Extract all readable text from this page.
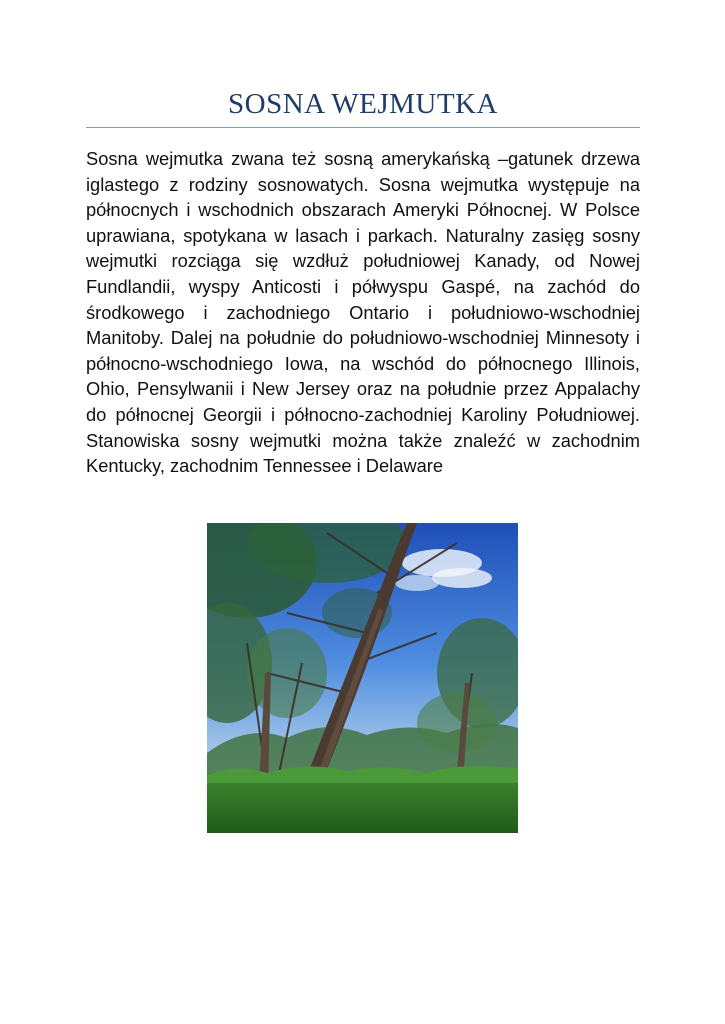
SOSNA WEJMUTKA

Sosna wejmutka zwana też sosną amerykańską –gatunek drzewa iglastego z rodziny sosnowatych. Sosna wejmutka występuje na północnych i wschodnich obszarach Ameryki Północnej. W Polsce uprawiana, spotykana w lasach i parkach. Naturalny zasięg sosny wejmutki rozciąga się wzdłuż południowej Kanady, od Nowej Fundlandii, wyspy Anticosti i półwyspu Gaspé, na zachód do środkowego i zachodniego Ontario i południowo-wschodniej Manitoby. Dalej na południe do południowo-wschodniej Minnesoty i północno-wschodniego Iowa, na wschód do północnego Illinois, Ohio, Pensylwanii i New Jersey oraz na południe przez Appalachy do północnej Georgii i północno-zachodniej Karoliny Południowej. Stanowiska sosny wejmutki można także znaleźć w zachodnim Kentucky, zachodnim Tennessee i Delaware
